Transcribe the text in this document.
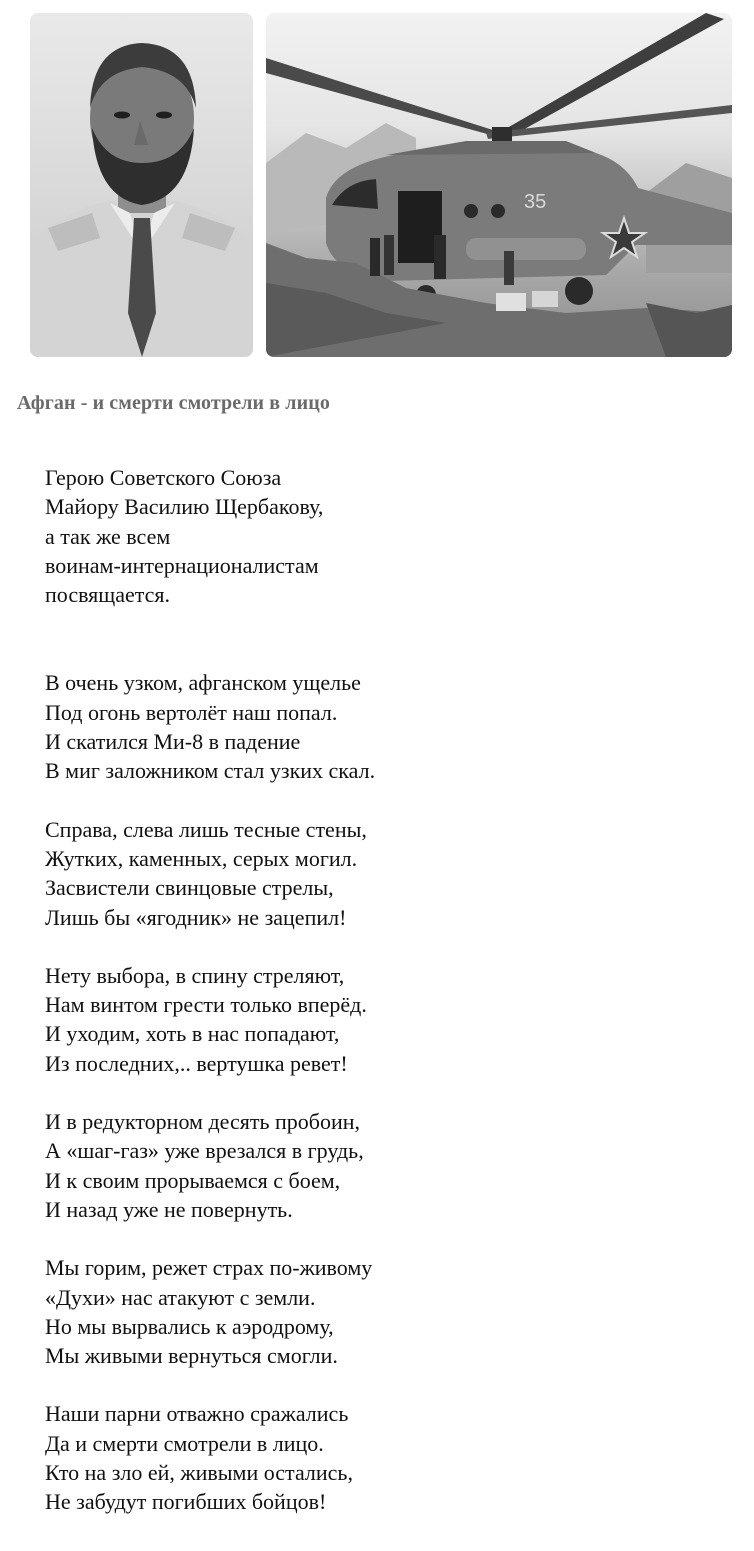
35
Афган - и смерти смотрели в лицо

Герою Советского Союза
Майору Василию Щербакову,
а так же всем
воинам-интернационалистам
посвящается.

В очень узком, афганском ущелье
Под огонь вертолёт наш попал.
И скатился Ми-8 в падение
В миг заложником стал узких скал.

Справа, слева лишь тесные стены,
Жутких, каменных, серых могил.
Засвистели свинцовые стрелы,
Лишь бы «ягодник» не зацепил!

Нету выбора, в спину стреляют,
Нам винтом грести только вперёд.
И уходим, хоть в нас попадают,
Из последних,.. вертушка ревет!

И в редукторном десять пробоин,
А «шаг-газ» уже врезался в грудь,
И к своим прорываемся с боем,
И назад уже не повернуть.

Мы горим, режет страх по-живому
«Духи» нас атакуют с земли.
Но мы вырвались к аэродрому,
Мы живыми вернуться смогли.

Наши парни отважно сражались
Да и смерти смотрели в лицо.
Кто на зло ей, живыми остались,
Не забудут погибших бойцов!
